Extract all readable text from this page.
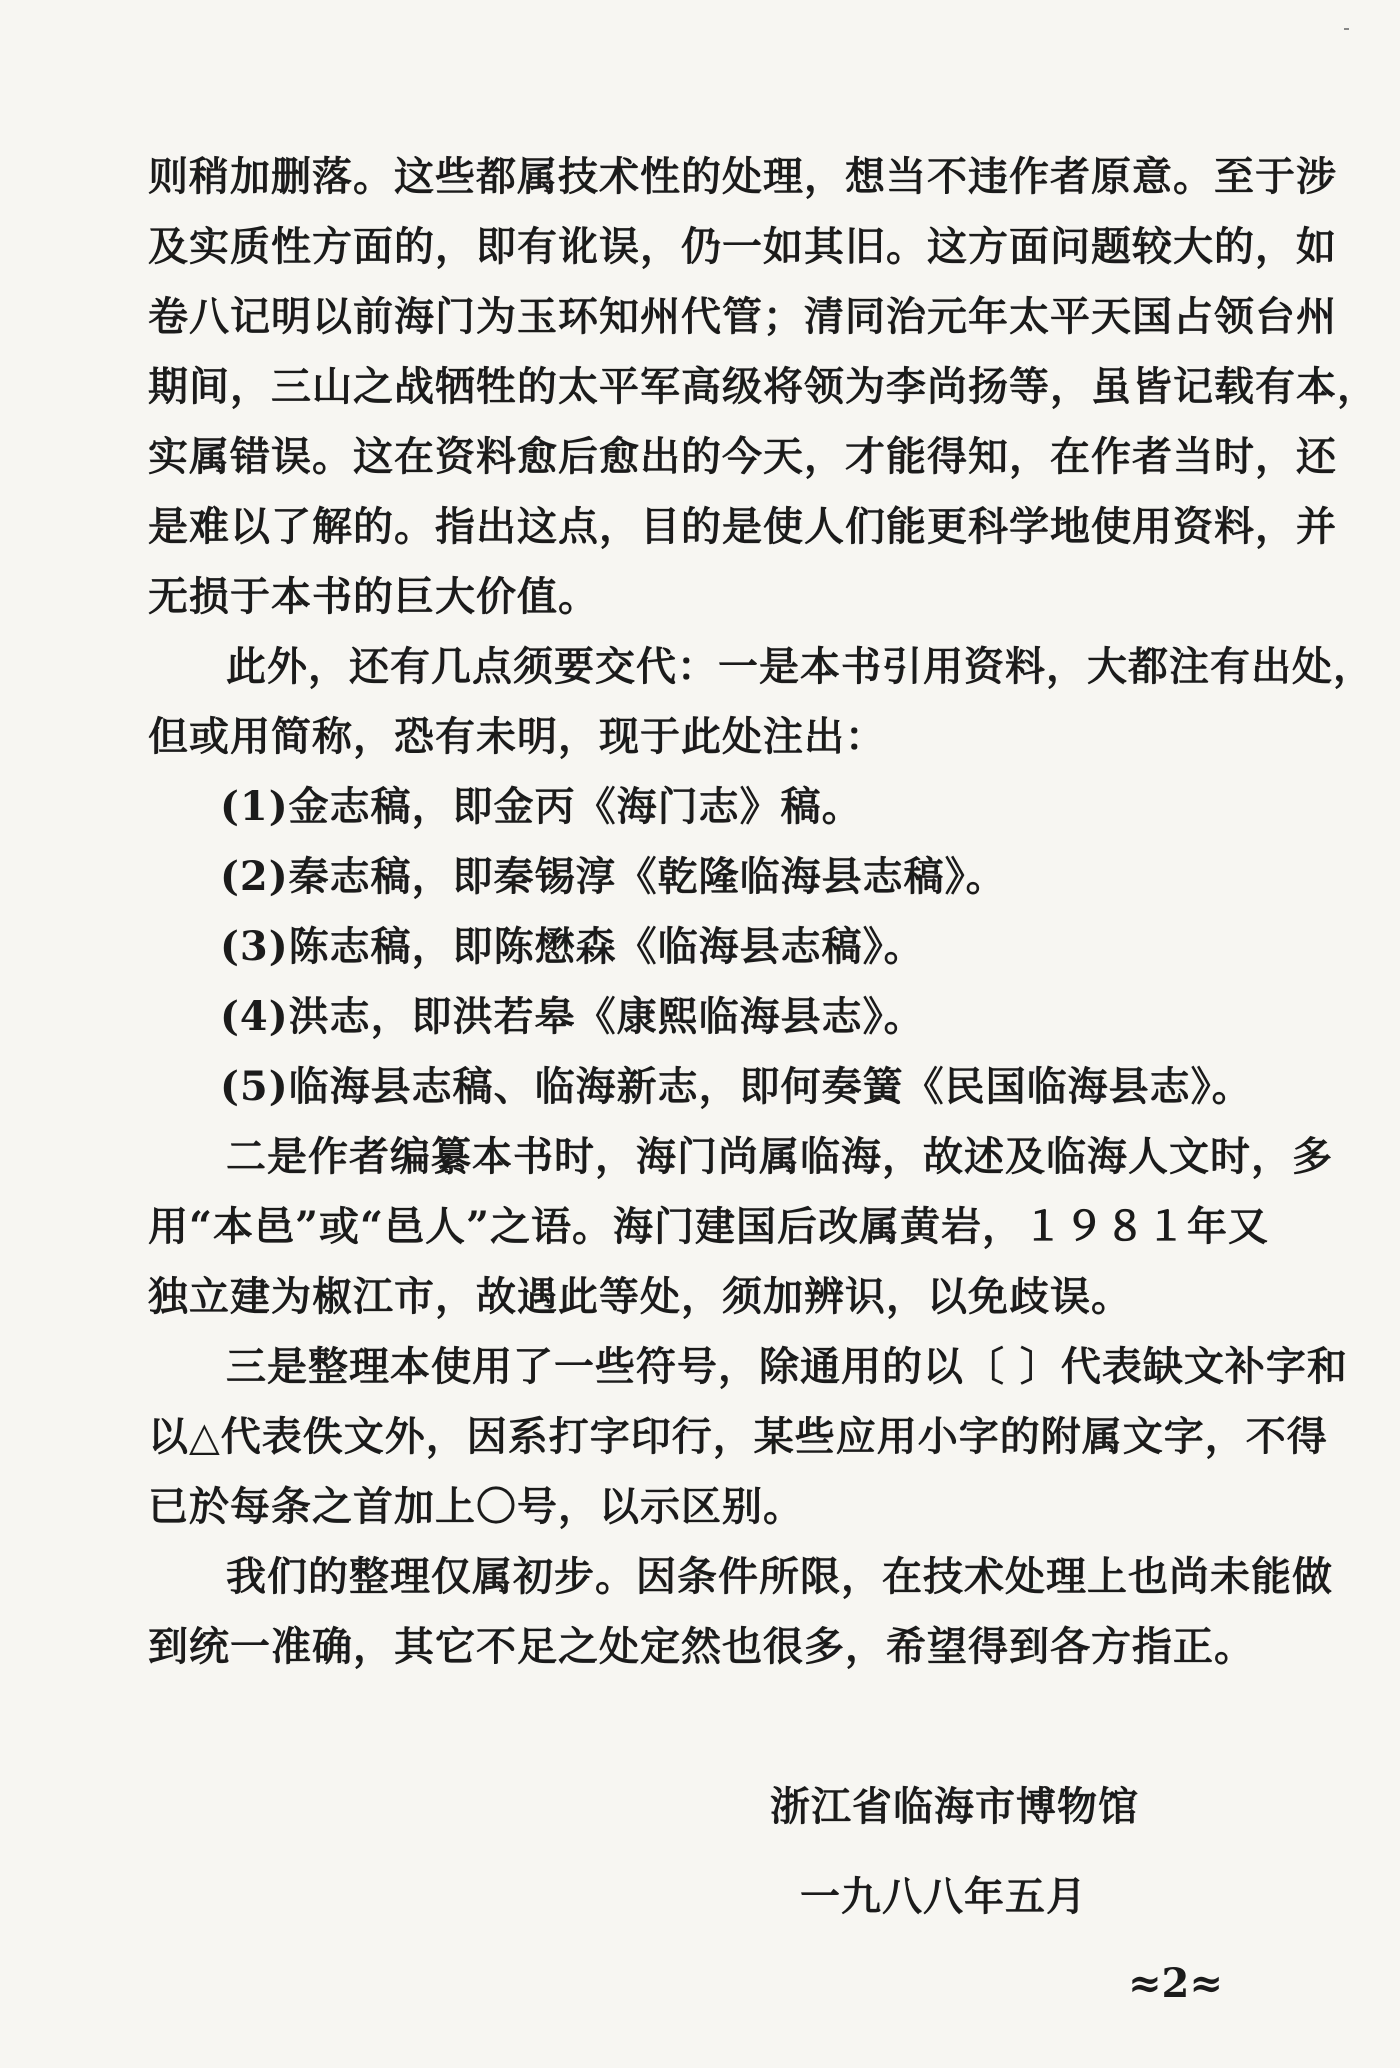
则稍加删落。这些都属技术性的处理，想当不违作者原意。至于涉

及实质性方面的，即有讹误，仍一如其旧。这方面问题较大的，如

卷八记明以前海门为玉环知州代管；清同治元年太平天国占领台州

期间，三山之战牺牲的太平军高级将领为李尚扬等，虽皆记载有本，

实属错误。这在资料愈后愈出的今天，才能得知，在作者当时，还

是难以了解的。指出这点，目的是使人们能更科学地使用资料，并

无损于本书的巨大价值。

此外，还有几点须要交代：一是本书引用资料，大都注有出处，

但或用简称，恐有未明，现于此处注出：

(1)金志稿，即金丙《海门志》稿。

(2)秦志稿，即秦锡淳《乾隆临海县志稿》。

(3)陈志稿，即陈懋森《临海县志稿》。

(4)洪志，即洪若皋《康熙临海县志》。

(5)临海县志稿、临海新志，即何奏簧《民国临海县志》。

二是作者编纂本书时，海门尚属临海，故述及临海人文时，多

用“本邑”或“邑人”之语。海门建国后改属黄岩，１９８１年又

独立建为椒江市，故遇此等处，须加辨识，以免歧误。

三是整理本使用了一些符号，除通用的以〔 〕代表缺文补字和

以△代表佚文外，因系打字印行，某些应用小字的附属文字，不得

已於每条之首加上〇号，以示区别。

我们的整理仅属初步。因条件所限，在技术处理上也尚未能做

到统一准确，其它不足之处定然也很多，希望得到各方指正。

浙江省临海市博物馆
一九八八年五月
≈2≈
